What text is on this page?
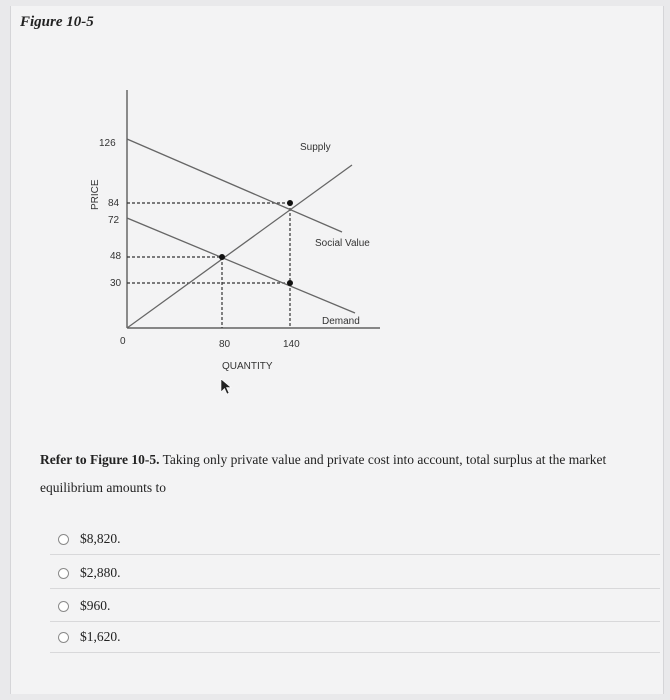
Figure 10-5
PRICE
126
84
72
48
30
0	80	140
QUANTITY
Supply
Social Value
Demand
Refer to Figure 10-5. Taking only private value and private cost into account, total surplus at the market equilibrium amounts to
$8,820.
$2,880.
$960.
$1,620.
